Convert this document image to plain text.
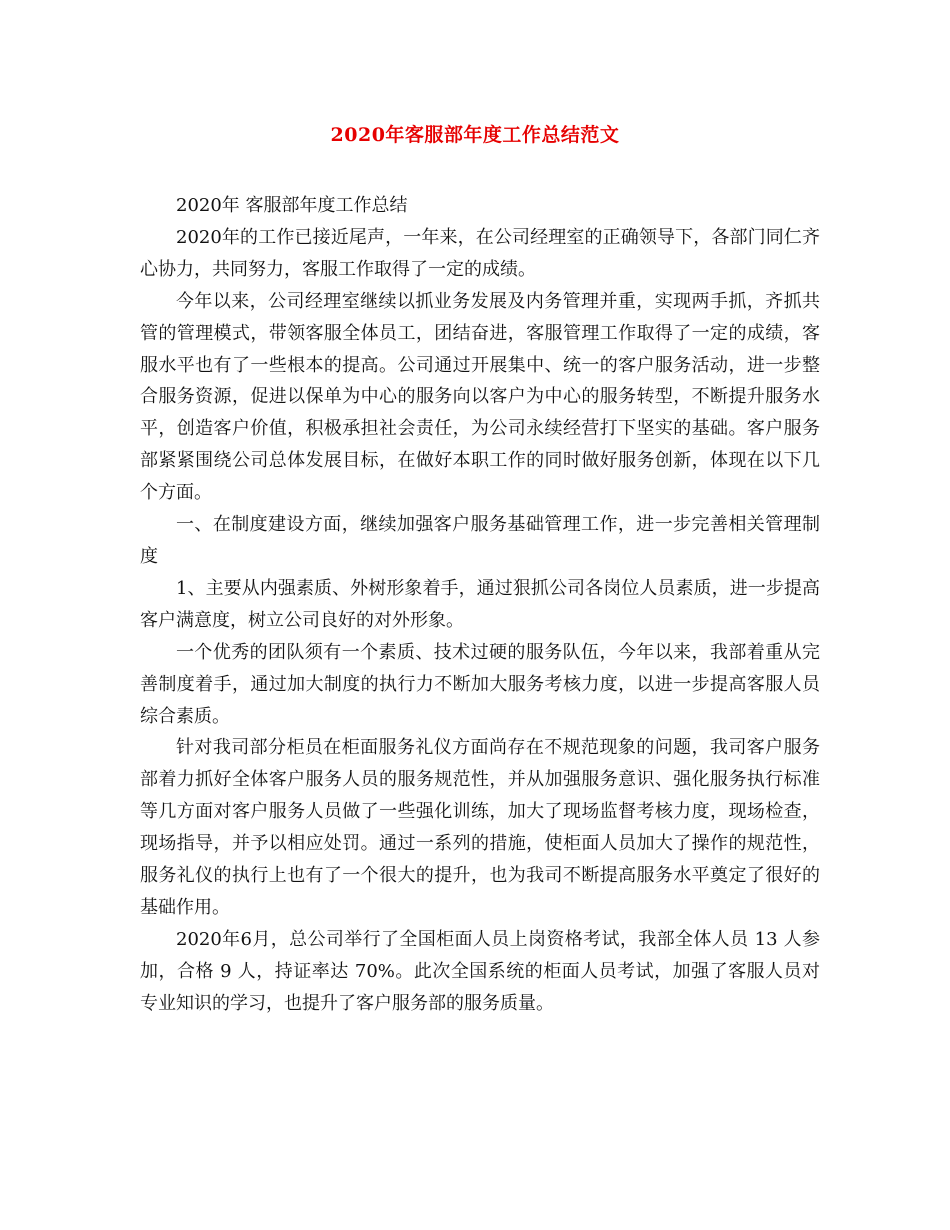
2020年客服部年度工作总结范文

2020年 客服部年度工作总结

2020年的工作已接近尾声，一年来，在公司经理室的正确领导下，各部门同仁齐心协力，共同努力，客服工作取得了一定的成绩。

今年以来，公司经理室继续以抓业务发展及内务管理并重，实现两手抓，齐抓共管的管理模式，带领客服全体员工，团结奋进，客服管理工作取得了一定的成绩，客服水平也有了一些根本的提高。公司通过开展集中、统一的客户服务活动，进一步整合服务资源，促进以保单为中心的服务向以客户为中心的服务转型，不断提升服务水平，创造客户价值，积极承担社会责任，为公司永续经营打下坚实的基础。客户服务部紧紧围绕公司总体发展目标，在做好本职工作的同时做好服务创新，体现在以下几个方面。

一、在制度建设方面，继续加强客户服务基础管理工作，进一步完善相关管理制度

1、主要从内强素质、外树形象着手，通过狠抓公司各岗位人员素质，进一步提高客户满意度，树立公司良好的对外形象。

一个优秀的团队须有一个素质、技术过硬的服务队伍，今年以来，我部着重从完善制度着手，通过加大制度的执行力不断加大服务考核力度，以进一步提高客服人员综合素质。

针对我司部分柜员在柜面服务礼仪方面尚存在不规范现象的问题，我司客户服务部着力抓好全体客户服务人员的服务规范性，并从加强服务意识、强化服务执行标准等几方面对客户服务人员做了一些强化训练，加大了现场监督考核力度，现场检查，现场指导，并予以相应处罚。通过一系列的措施，使柜面人员加大了操作的规范性，服务礼仪的执行上也有了一个很大的提升，也为我司不断提高服务水平奠定了很好的基础作用。

2020年6月，总公司举行了全国柜面人员上岗资格考试，我部全体人员 13 人参加，合格 9 人，持证率达 70%。此次全国系统的柜面人员考试，加强了客服人员对专业知识的学习，也提升了客户服务部的服务质量。
